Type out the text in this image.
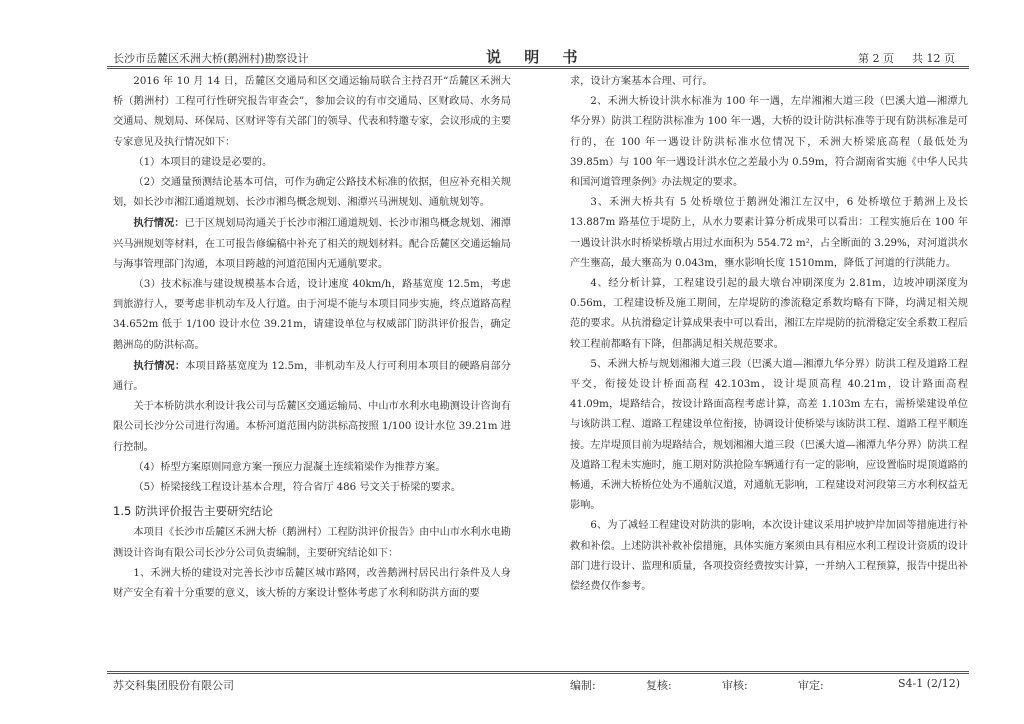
长沙市岳麓区禾洲大桥(鹅洲村)勘察设计	说 明 书	第 2 页 共 12 页

2016 年 10 月 14 日，岳麓区交通局和区交通运输局联合主持召开“岳麓区禾洲大桥（鹅洲村）工程可行性研究报告审查会”，参加会议的有市交通局、区财政局、水务局交通局、规划局、环保局、区财评等有关部门的领导、代表和特邀专家，会议形成的主要专家意见及执行情况如下：

（1）本项目的建设是必要的。

（2）交通量预测结论基本可信，可作为确定公路技术标准的依据，但应补充相关规划，如长沙市湘江通道规划、长沙市湘鸟概念规划、湘潭兴马洲规划、通航规划等。

执行情况：已于区规划局沟通关于长沙市湘江通道规划、长沙市湘鸟概念规划、湘潭兴马洲规划等材料，在工可报告修编稿中补充了相关的规划材料。配合岳麓区交通运输局与海事管理部门沟通，本项目跨越的河道范围内无通航要求。

（3）技术标准与建设规模基本合适，设计速度 40km/h，路基宽度 12.5m，考虑到旅游行人，要考虑非机动车及人行道。由于河堤不能与本项目同步实施，终点道路高程 34.652m 低于 1/100 设计水位 39.21m，请建设单位与权威部门防洪评价报告，确定鹅洲岛的防洪标高。

执行情况：本项目路基宽度为 12.5m，非机动车及人行可利用本项目的硬路肩部分通行。

关于本桥防洪水利设计我公司与岳麓区交通运输局、中山市水利水电勘测设计咨询有限公司长沙分公司进行沟通。本桥河道范围内防洪标高按照 1/100 设计水位 39.21m 进行控制。

（4）桥型方案原则同意方案一预应力混凝土连续箱梁作为推荐方案。

（5）桥梁接线工程设计基本合理，符合省厅 486 号文关于桥梁的要求。

1.5 防洪评价报告主要研究结论

本项目《长沙市岳麓区禾洲大桥（鹅洲村）工程防洪评价报告》由中山市水利水电勘测设计咨询有限公司长沙分公司负责编制，主要研究结论如下：

1、禾洲大桥的建设对完善长沙市岳麓区城市路网，改善鹅洲村居民出行条件及人身财产安全有着十分重要的意义，该大桥的方案设计整体考虑了水利和防洪方面的要

求，设计方案基本合理、可行。

2、禾洲大桥设计洪水标准为 100 年一遇，左岸湘湘大道三段（巴溪大道—湘潭九华分界）防洪工程防洪标准为 100 年一遇，大桥的设计防洪标准等于现有防洪标准是可行的，在 100 年一遇设计防洪标准水位情况下，禾洲大桥梁底高程（最低处为 39.85m）与 100 年一遇设计洪水位之差最小为 0.59m，符合湖南省实施《中华人民共和国河道管理条例》办法规定的要求。

3、禾洲大桥共有 5 处桥墩位于鹅洲处湘江左汉中，6 处桥墩位于鹅洲上及长 13.887m 路基位于堤防上，从水力要素计算分析成果可以看出：工程实施后在 100 年一遇设计洪水时桥梁桥墩占用过水面积为 554.72 m²，占全断面的 3.29%，对河道洪水产生壅高，最大壅高为 0.043m，壅水影响长度 1510mm，降低了河道的行洪能力。

4、经分析计算，工程建设引起的最大墩台冲刷深度为 2.81m，边坡冲刷深度为 0.56m，工程建设桥及施工期间，左岸堤防的渗流稳定系数均略有下降，均满足相关规范的要求。从抗滑稳定计算成果表中可以看出，湘江左岸堤防的抗滑稳定安全系数工程后较工程前都略有下降，但都满足相关规范要求。

5、禾洲大桥与规划湘湘大道三段（巴溪大道—湘潭九华分界）防洪工程及道路工程平交，衔接处设计桥面高程 42.103m，设计堤顶高程 40.21m，设计路面高程 41.09m，堤路结合，按设计路面高程考虑计算，高差 1.103m 左右，需桥梁建设单位与该防洪工程、道路工程建设单位衔接，协调设计使桥梁与该防洪工程、道路工程平顺连接。左岸堤顶目前为堤路结合，规划湘湘大道三段（巴溪大道—湘潭九华分界）防洪工程及道路工程未实施时，施工期对防洪抢险车辆通行有一定的影响，应设置临时堤顶道路的畅通，禾洲大桥桥位处为不通航汉道，对通航无影响，工程建设对河段第三方水利权益无影响。

6、为了减轻工程建设对防洪的影响，本次设计建议采用护坡护岸加固等措施进行补救和补偿。上述防洪补救补偿措施，具体实施方案须由具有相应水利工程设计资质的设计部门进行设计、监理和质量，各项投资经费按实计算，一并纳入工程预算，报告中提出补偿经费仅作参考。

苏交科集团股份有限公司	编制:	复核:	审核:	审定:	S4-1 (2/12)
